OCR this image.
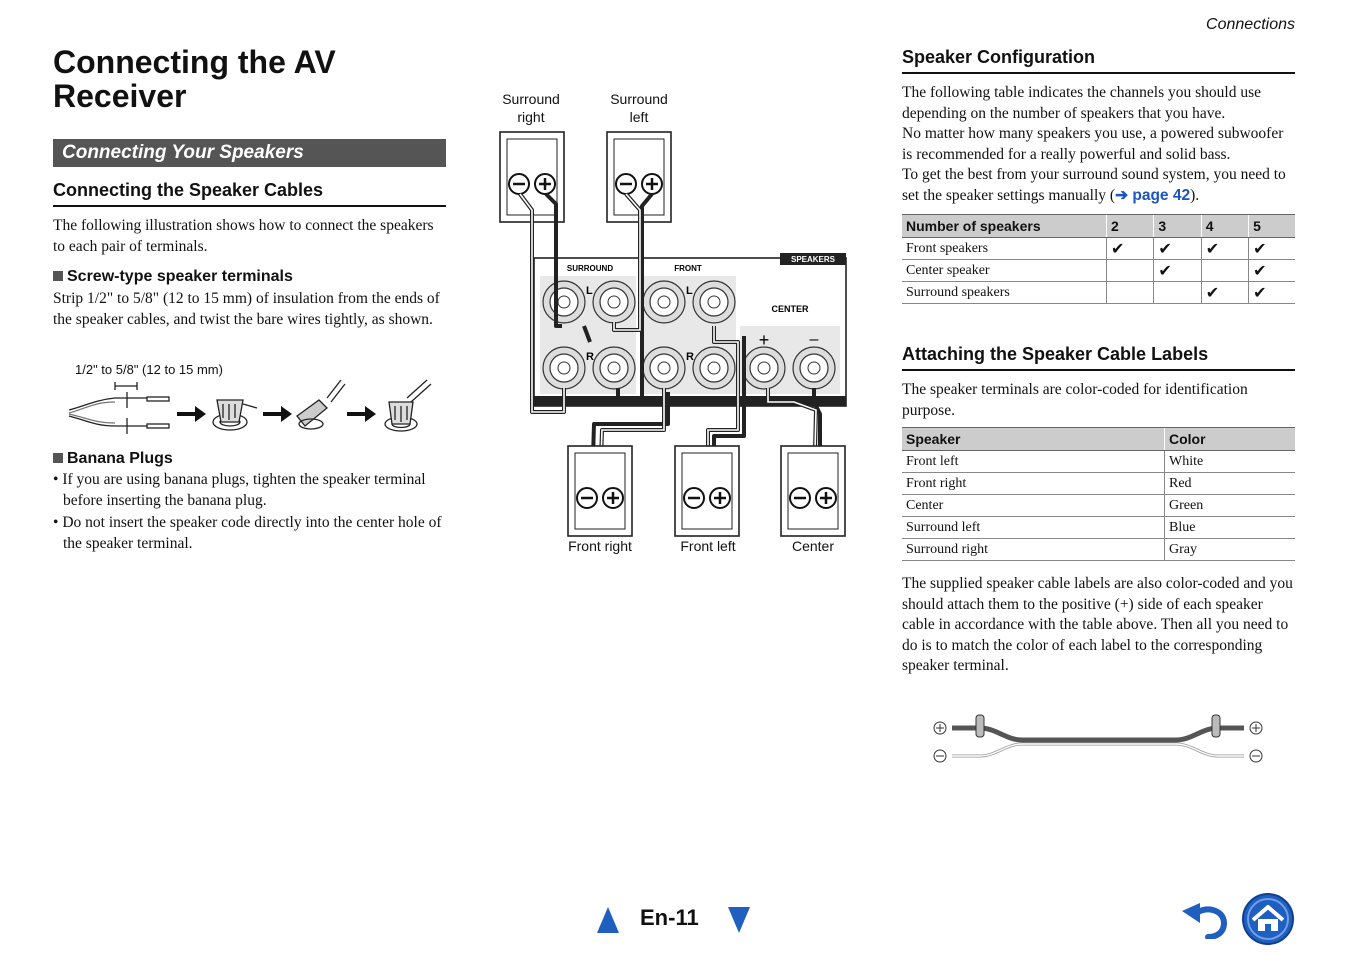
Connections
Connecting the AV Receiver
Connecting Your Speakers
Connecting the Speaker Cables
The following illustration shows how to connect the speakers to each pair of terminals.
Screw-type speaker terminals
Strip 1/2" to 5/8" (12 to 15 mm) of insulation from the ends of the speaker cables, and twist the bare wires tightly, as shown.
1/2" to 5/8" (12 to 15 mm)
Banana Plugs
• If you are using banana plugs, tighten the speaker terminal before inserting the banana plug.
• Do not insert the speaker code directly into the center hole of the speaker terminal.
Surround right
Surround left
Front right	Front left	Center
SPEAKERS
SURROUND	FRONT
CENTER
L
R
L
R
+	–
Speaker Configuration
The following table indicates the channels you should use depending on the number of speakers that you have.
No matter how many speakers you use, a powered subwoofer is recommended for a really powerful and solid bass.
To get the best from your surround sound system, you need to set the speaker settings manually (➔ page 42).
Number of speakers	2	3	4	5
Front speakers	✔	✔	✔	✔
Center speaker		✔		✔
Surround speakers			✔	✔
Attaching the Speaker Cable Labels
The speaker terminals are color-coded for identification purpose.
Speaker	Color
Front left	White
Front right	Red
Center	Green
Surround left	Blue
Surround right	Gray
The supplied speaker cable labels are also color-coded and you should attach them to the positive (+) side of each speaker cable in accordance with the table above. Then all you need to do is to match the color of each label to the corresponding speaker terminal.
En-11
